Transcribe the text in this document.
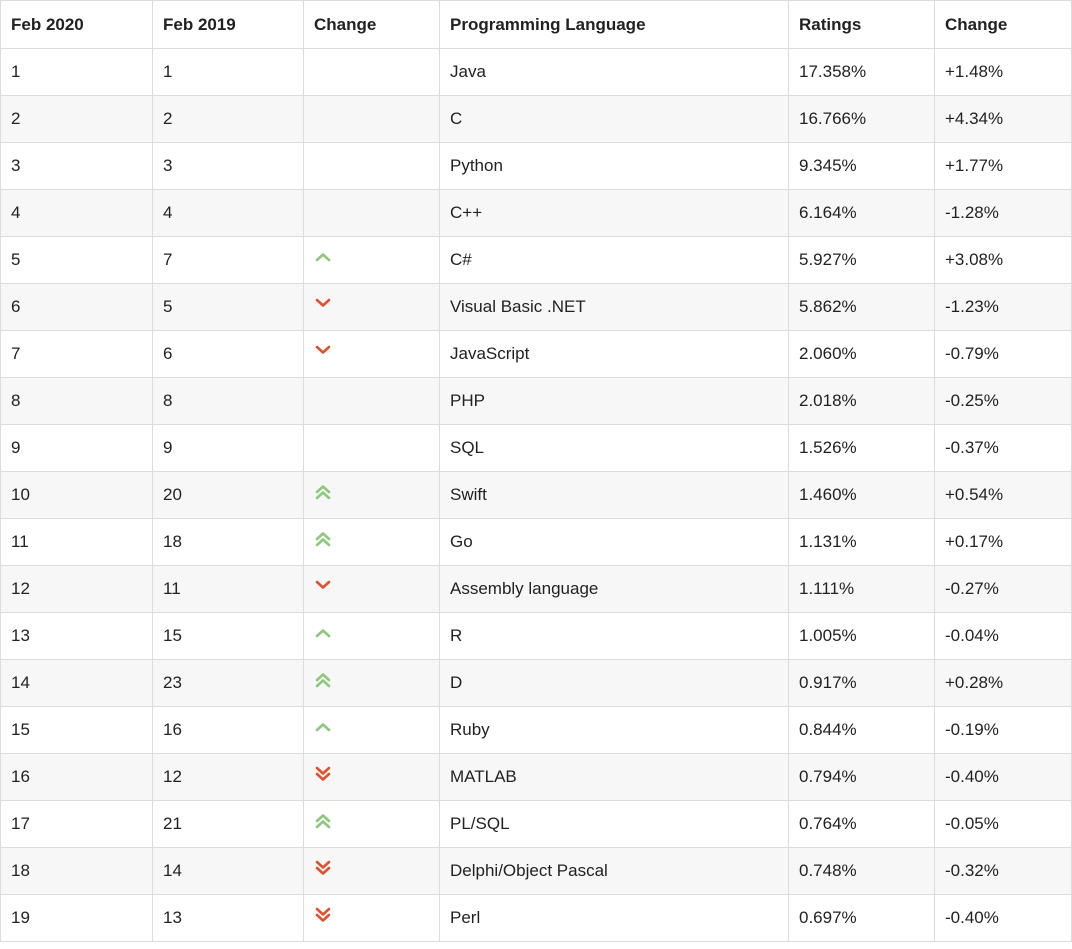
Feb 2020	Feb 2019	Change	Programming Language	Ratings	Change
1	1		Java	17.358%	+1.48%
2	2		C	16.766%	+4.34%
3	3		Python	9.345%	+1.77%
4	4		C++	6.164%	-1.28%
5	7		C#	5.927%	+3.08%
6	5		Visual Basic .NET	5.862%	-1.23%
7	6		JavaScript	2.060%	-0.79%
8	8		PHP	2.018%	-0.25%
9	9		SQL	1.526%	-0.37%
10	20		Swift	1.460%	+0.54%
11	18		Go	1.131%	+0.17%
12	11		Assembly language	1.111%	-0.27%
13	15		R	1.005%	-0.04%
14	23		D	0.917%	+0.28%
15	16		Ruby	0.844%	-0.19%
16	12		MATLAB	0.794%	-0.40%
17	21		PL/SQL	0.764%	-0.05%
18	14		Delphi/Object Pascal	0.748%	-0.32%
19	13		Perl	0.697%	-0.40%
